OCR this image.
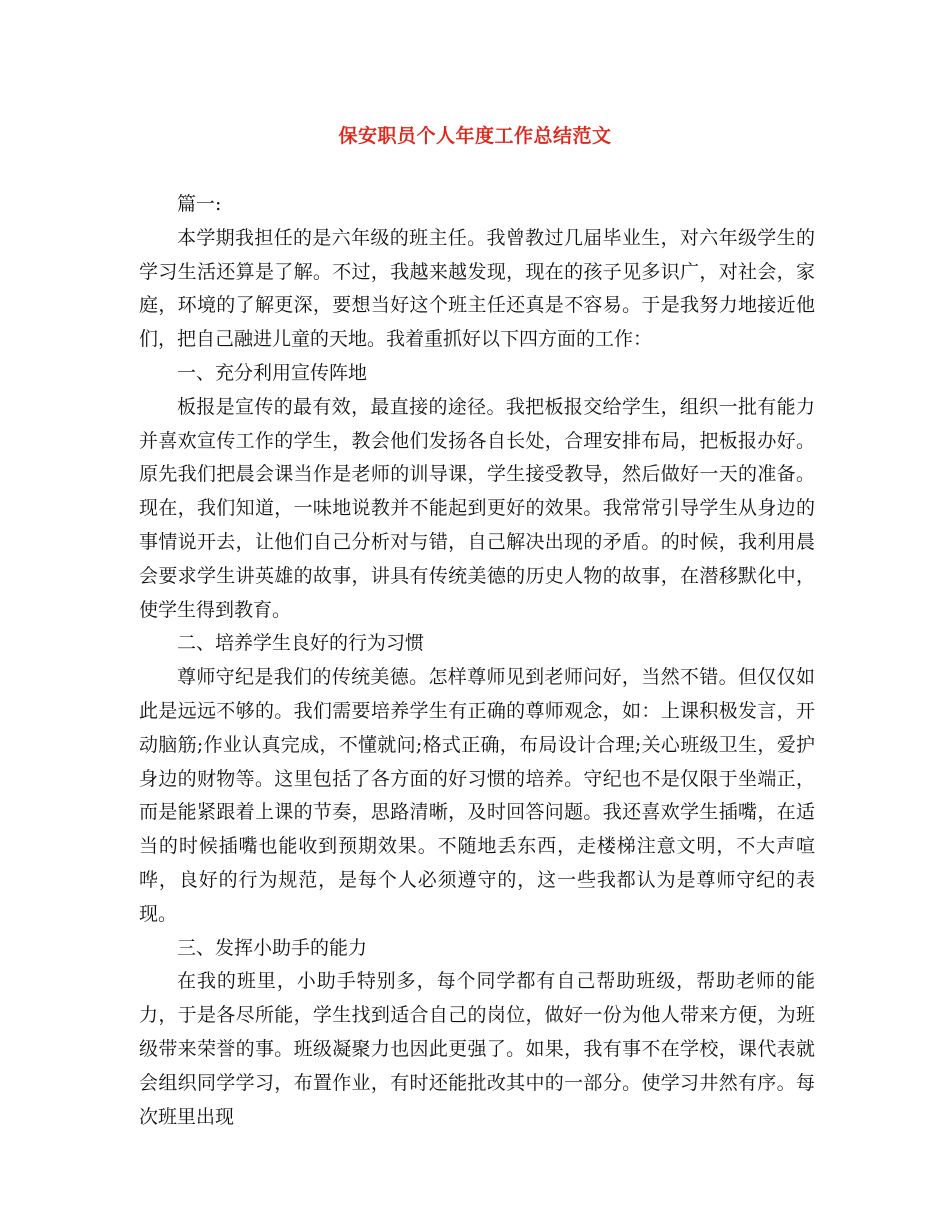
保安职员个人年度工作总结范文

篇一:

本学期我担任的是六年级的班主任。我曾教过几届毕业生，对六年级学生的学习生活还算是了解。不过，我越来越发现，现在的孩子见多识广，对社会，家庭，环境的了解更深，要想当好这个班主任还真是不容易。于是我努力地接近他们，把自己融进儿童的天地。我着重抓好以下四方面的工作：

一、充分利用宣传阵地

板报是宣传的最有效，最直接的途径。我把板报交给学生，组织一批有能力并喜欢宣传工作的学生，教会他们发扬各自长处，合理安排布局，把板报办好。原先我们把晨会课当作是老师的训导课，学生接受教导，然后做好一天的准备。现在，我们知道，一味地说教并不能起到更好的效果。我常常引导学生从身边的事情说开去，让他们自己分析对与错，自己解决出现的矛盾。的时候，我利用晨会要求学生讲英雄的故事，讲具有传统美德的历史人物的故事，在潜移默化中，使学生得到教育。

二、培养学生良好的行为习惯

尊师守纪是我们的传统美德。怎样尊师见到老师问好，当然不错。但仅仅如此是远远不够的。我们需要培养学生有正确的尊师观念，如：上课积极发言，开动脑筋;作业认真完成，不懂就问;格式正确，布局设计合理;关心班级卫生，爱护身边的财物等。这里包括了各方面的好习惯的培养。守纪也不是仅限于坐端正，而是能紧跟着上课的节奏，思路清晰，及时回答问题。我还喜欢学生插嘴，在适当的时候插嘴也能收到预期效果。不随地丢东西，走楼梯注意文明，不大声喧哗，良好的行为规范，是每个人必须遵守的，这一些我都认为是尊师守纪的表现。

三、发挥小助手的能力

在我的班里，小助手特别多，每个同学都有自己帮助班级，帮助老师的能力，于是各尽所能，学生找到适合自己的岗位，做好一份为他人带来方便，为班级带来荣誉的事。班级凝聚力也因此更强了。如果，我有事不在学校，课代表就会组织同学学习，布置作业，有时还能批改其中的一部分。使学习井然有序。每次班里出现
